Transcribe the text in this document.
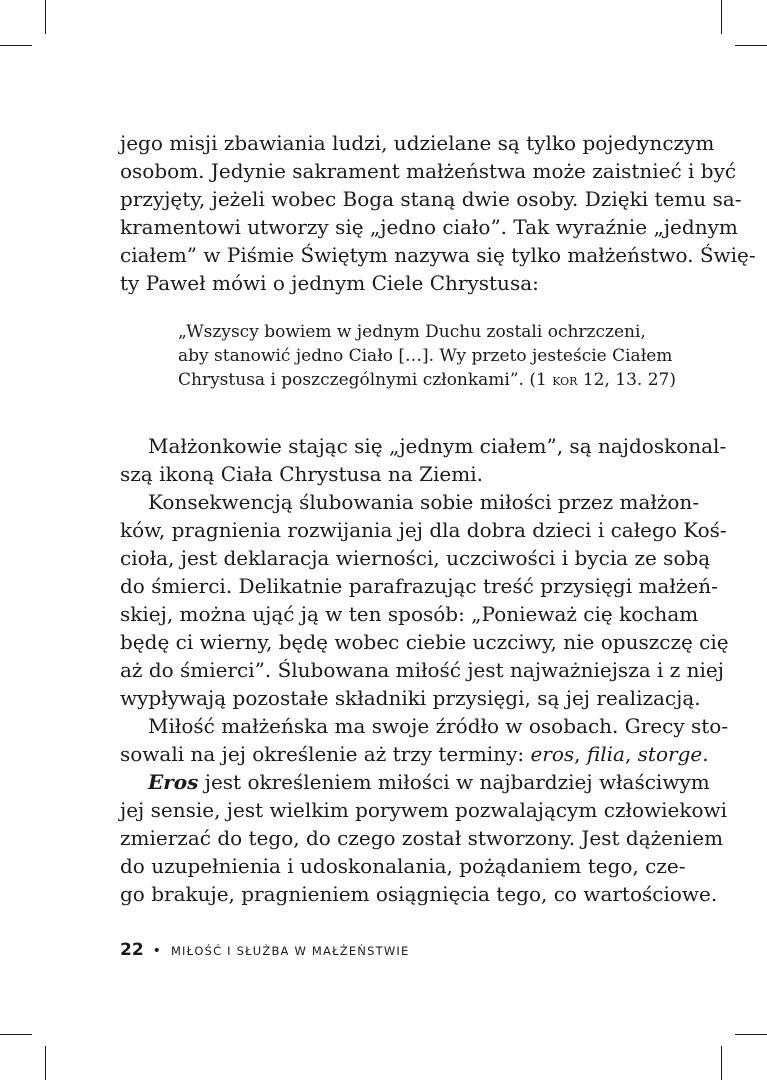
jego misji zbawiania ludzi, udzielane są tylko pojedynczym
osobom. Jedynie sakrament małżeństwa może zaistnieć i być
przyjęty, jeżeli wobec Boga staną dwie osoby. Dzięki temu sa-
kramentowi utworzy się „jedno ciało”. Tak wyraźnie „jednym
ciałem” w Piśmie Świętym nazywa się tylko małżeństwo. Świę-
ty Paweł mówi o jednym Ciele Chrystusa:
„Wszyscy bowiem w jednym Duchu zostali ochrzczeni,
aby stanowić jedno Ciało […]. Wy przeto jesteście Ciałem
Chrystusa i poszczególnymi członkami”. (1 kor 12, 13. 27)
Małżonkowie stając się „jednym ciałem”, są najdoskonal-
szą ikoną Ciała Chrystusa na Ziemi.
Konsekwencją ślubowania sobie miłości przez małżon-
ków, pragnienia rozwijania jej dla dobra dzieci i całego Koś-
cioła, jest deklaracja wierności, uczciwości i bycia ze sobą
do śmierci. Delikatnie parafrazując treść przysięgi małżeń-
skiej, można ująć ją w ten sposób: „Ponieważ cię kocham
będę ci wierny, będę wobec ciebie uczciwy, nie opuszczę cię
aż do śmierci”. Ślubowana miłość jest najważniejsza i z niej
wypływają pozostałe składniki przysięgi, są jej realizacją.
Miłość małżeńska ma swoje źródło w osobach. Grecy sto-
sowali na jej określenie aż trzy terminy: eros, filia, storge.
Eros jest określeniem miłości w najbardziej właściwym
jej sensie, jest wielkim porywem pozwalającym człowiekowi
zmierzać do tego, do czego został stworzony. Jest dążeniem
do uzupełnienia i udoskonalania, pożądaniem tego, cze-
go brakuje, pragnieniem osiągnięcia tego, co wartościowe.
22 • MIŁOŚĆ I SŁUŻBA W MAŁŻEŃSTWIE
